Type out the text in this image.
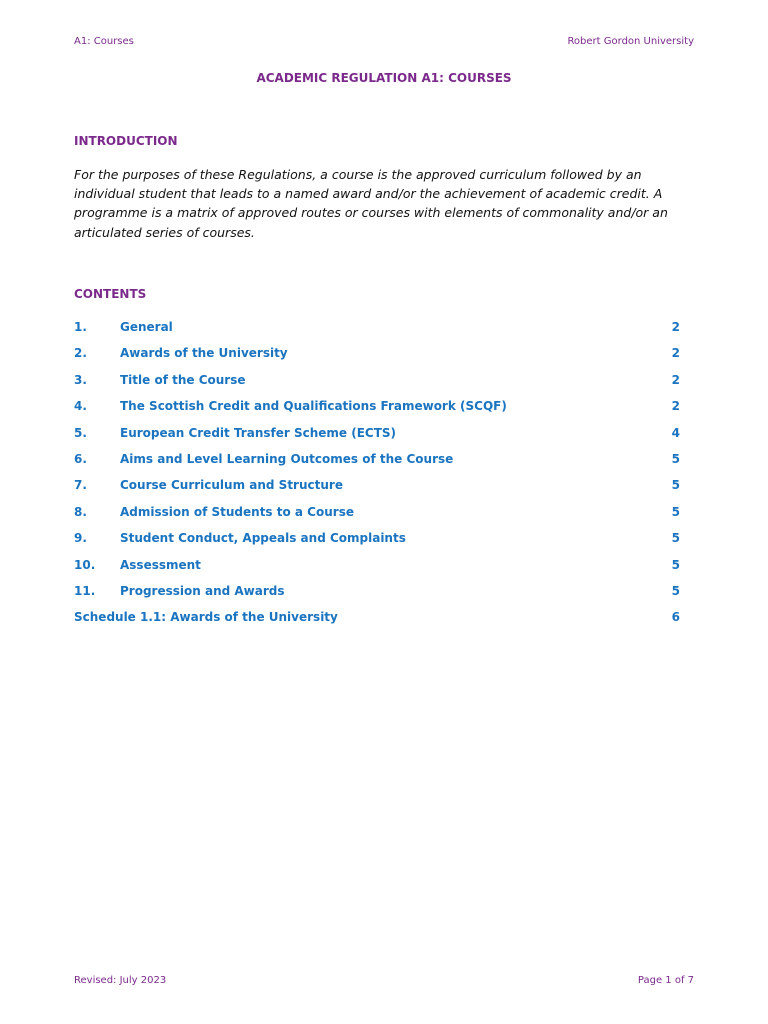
A1: Courses	Robert Gordon University
ACADEMIC REGULATION A1: COURSES
INTRODUCTION
For the purposes of these Regulations, a course is the approved curriculum followed by an individual student that leads to a named award and/or the achievement of academic credit. A programme is a matrix of approved routes or courses with elements of commonality and/or an articulated series of courses.
CONTENTS
1.	General	2
2.	Awards of the University	2
3.	Title of the Course	2
4.	The Scottish Credit and Qualifications Framework (SCQF)	2
5.	European Credit Transfer Scheme (ECTS)	4
6.	Aims and Level Learning Outcomes of the Course	5
7.	Course Curriculum and Structure	5
8.	Admission of Students to a Course	5
9.	Student Conduct, Appeals and Complaints	5
10. Assessment	5
11. Progression and Awards	5
Schedule 1.1: Awards of the University	6
Revised: July 2023	Page 1 of 7
